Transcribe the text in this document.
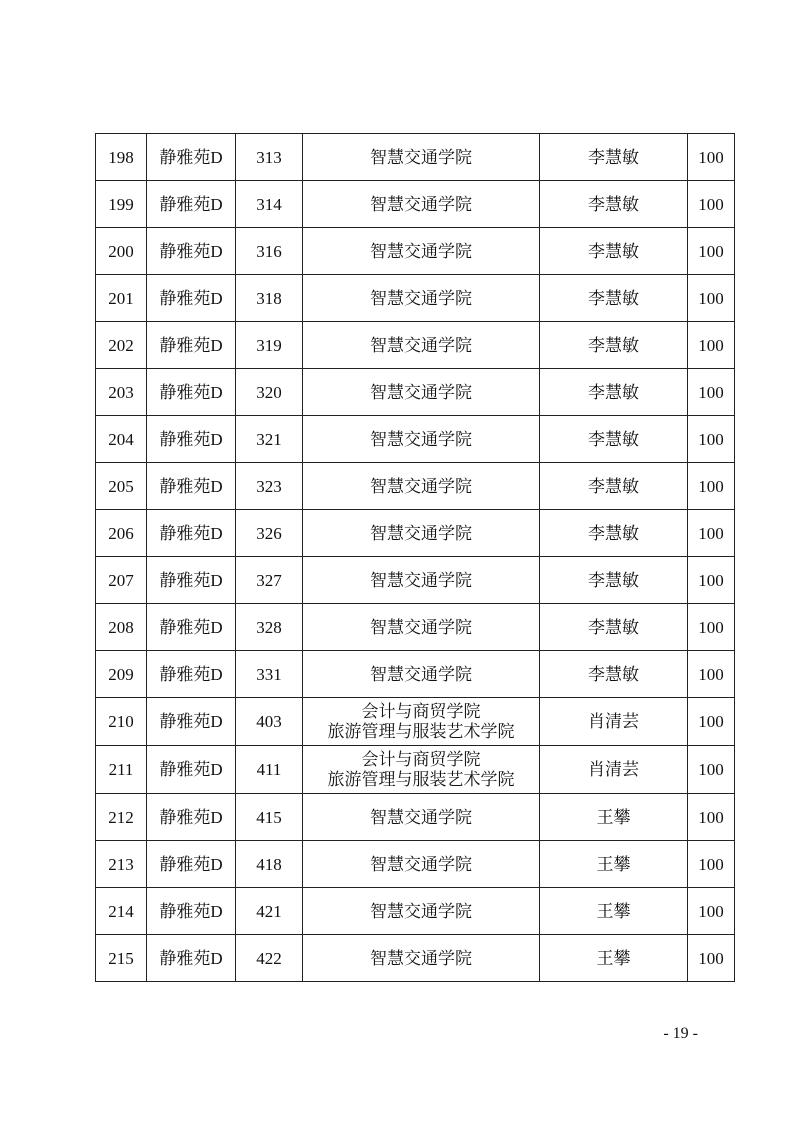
198	静雅苑D	313	智慧交通学院	李慧敏	100
199	静雅苑D	314	智慧交通学院	李慧敏	100
200	静雅苑D	316	智慧交通学院	李慧敏	100
201	静雅苑D	318	智慧交通学院	李慧敏	100
202	静雅苑D	319	智慧交通学院	李慧敏	100
203	静雅苑D	320	智慧交通学院	李慧敏	100
204	静雅苑D	321	智慧交通学院	李慧敏	100
205	静雅苑D	323	智慧交通学院	李慧敏	100
206	静雅苑D	326	智慧交通学院	李慧敏	100
207	静雅苑D	327	智慧交通学院	李慧敏	100
208	静雅苑D	328	智慧交通学院	李慧敏	100
209	静雅苑D	331	智慧交通学院	李慧敏	100
210	静雅苑D	403	会计与商贸学院
旅游管理与服装艺术学院	肖清芸	100
211	静雅苑D	411	会计与商贸学院
旅游管理与服装艺术学院	肖清芸	100
212	静雅苑D	415	智慧交通学院	王攀	100
213	静雅苑D	418	智慧交通学院	王攀	100
214	静雅苑D	421	智慧交通学院	王攀	100
215	静雅苑D	422	智慧交通学院	王攀	100
- 19 -
